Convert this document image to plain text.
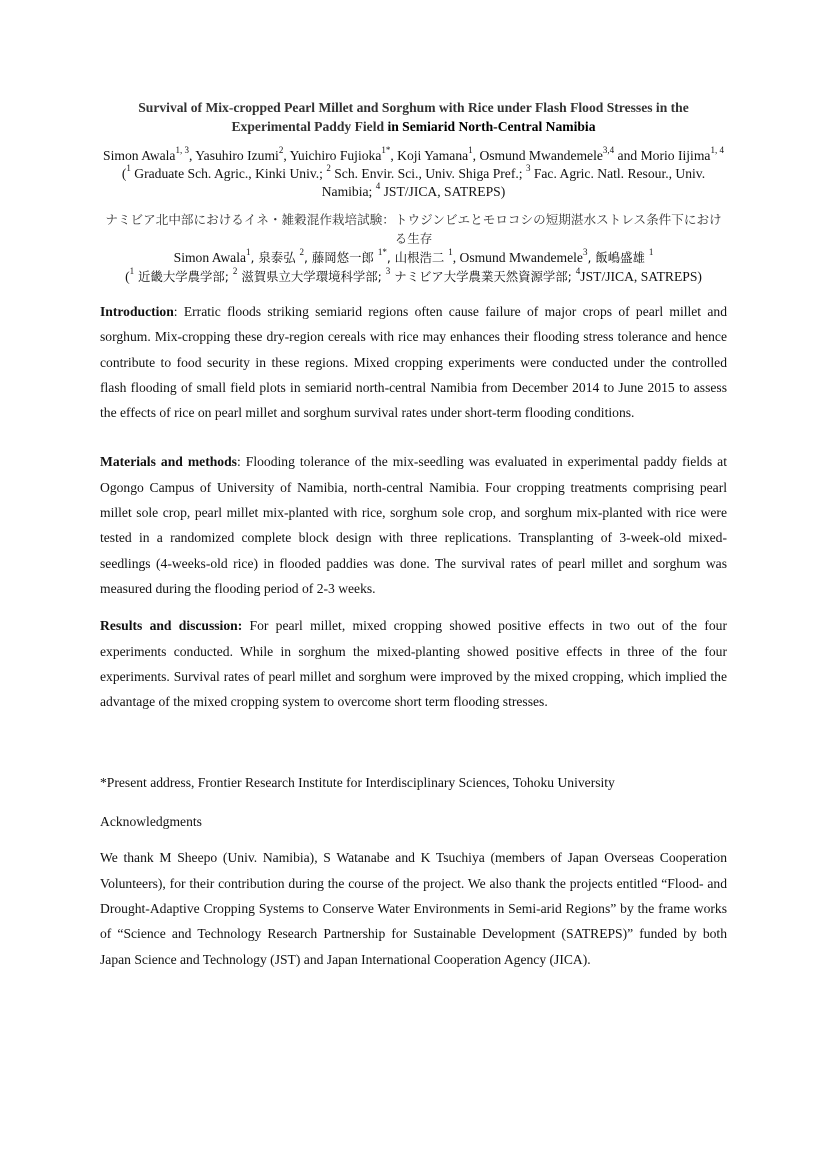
Survival of Mix-cropped Pearl Millet and Sorghum with Rice under Flash Flood Stresses in the Experimental Paddy Field in Semiarid North-Central Namibia

Simon Awala$^{1, 3}$, Yasuhiro Izumi$^2$, Yuichiro Fujioka$^{1*}$, Koji Yamana$^1$, Osmund Mwandemele$^{3,4}$ and Morio Iijima$^{1, 4}$

($^1$ Graduate Sch. Agric., Kinki Univ.; $^2$ Sch. Envir. Sci., Univ. Shiga Pref.; $^3$ Fac. Agric. Natl. Resour., Univ. Namibia; $^4$ JST/JICA, SATREPS)

ナミビア北中部におけるイネ・雑穀混作栽培試験：トウジンビエとモロコシの短期湛水ストレス条件下における生存

Simon Awala$^1$, 泉泰弘 $^2$, 藤岡悠一郎 $^{1*}$, 山根浩二 $^1$, Osmund Mwandemele$^3$, 飯嶋盛雄 $^1$

($^1$ 近畿大学農学部; $^2$ 滋賀県立大学環境科学部; $^3$ ナミビア大学農業天然資源学部; $^4$JST/JICA, SATREPS)

Introduction: Erratic floods striking semiarid regions often cause failure of major crops of pearl millet and sorghum. Mix-cropping these dry-region cereals with rice may enhances their flooding stress tolerance and hence contribute to food security in these regions. Mixed cropping experiments were conducted under the controlled flash flooding of small field plots in semiarid north-central Namibia from December 2014 to June 2015 to assess the effects of rice on pearl millet and sorghum survival rates under short-term flooding conditions.

Materials and methods: Flooding tolerance of the mix-seedling was evaluated in experimental paddy fields at Ogongo Campus of University of Namibia, north-central Namibia. Four cropping treatments comprising pearl millet sole crop, pearl millet mix-planted with rice, sorghum sole crop, and sorghum mix-planted with rice were tested in a randomized complete block design with three replications. Transplanting of 3-week-old mixed-seedlings (4-weeks-old rice) in flooded paddies was done. The survival rates of pearl millet and sorghum was measured during the flooding period of 2-3 weeks.

Results and discussion: For pearl millet, mixed cropping showed positive effects in two out of the four experiments conducted. While in sorghum the mixed-planting showed positive effects in three of the four experiments. Survival rates of pearl millet and sorghum were improved by the mixed cropping, which implied the advantage of the mixed cropping system to overcome short term flooding stresses.

*Present address, Frontier Research Institute for Interdisciplinary Sciences, Tohoku University

Acknowledgments

We thank M Sheepo (Univ. Namibia), S Watanabe and K Tsuchiya (members of Japan Overseas Cooperation Volunteers), for their contribution during the course of the project. We also thank the projects entitled “Flood- and Drought-Adaptive Cropping Systems to Conserve Water Environments in Semi-arid Regions” by the frame works of “Science and Technology Research Partnership for Sustainable Development (SATREPS)” funded by both Japan Science and Technology (JST) and Japan International Cooperation Agency (JICA).
